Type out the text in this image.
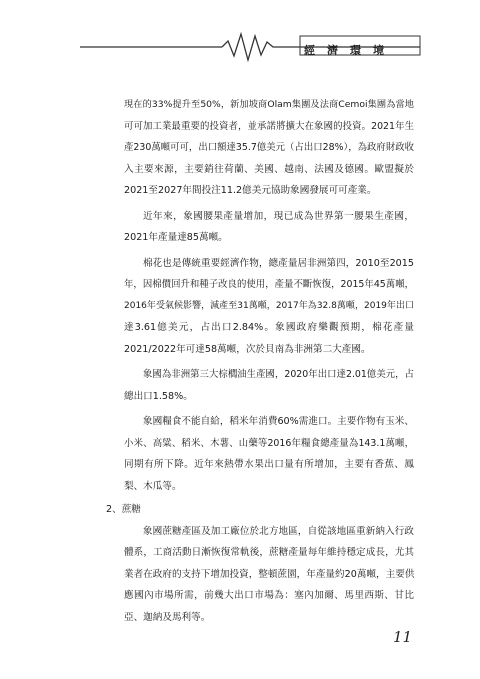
經濟環境
現在的33%提升至50%，新加坡商Olam集團及法商Cemoi集團為當地
可可加工業最重要的投資者，並承諾將擴大在象國的投資。2021年生
產230萬噸可可，出口額達35.7億美元（占出口28%），為政府財政收
入主要來源，主要銷往荷蘭、美國、越南、法國及德國。歐盟擬於
2021至2027年間投注11.2億美元協助象國發展可可產業。
近年來，象國腰果產量增加，現已成為世界第一腰果生產國，
2021年產量達85萬噸。
棉花也是傳統重要經濟作物，總產量居非洲第四，2010至2015
年，因棉價回升和種子改良的使用，產量不斷恢復，2015年45萬噸，
2016年受氣候影響，減產至31萬噸，2017年為32.8萬噸，2019年出口
達3.61億美元，占出口2.84%。象國政府樂觀預期，棉花產量
2021/2022年可達58萬噸，次於貝南為非洲第二大產國。
象國為非洲第三大棕櫚油生產國，2020年出口達2.01億美元，占
總出口1.58%。
象國糧食不能自給，稻米年消費60%需進口。主要作物有玉米、
小米、高粱、稻米、木薯、山藥等2016年糧食總產量為143.1萬噸，
同期有所下降。近年來熱帶水果出口量有所增加，主要有香蕉、鳳
梨、木瓜等。
2、蔗糖
象國蔗糖產區及加工廠位於北方地區，自從該地區重新納入行政
體系，工商活動日漸恢復常軌後，蔗糖產量每年維持穩定成長，尤其
業者在政府的支持下增加投資，整頓蔗園，年產量約20萬噸，主要供
應國內市場所需，前幾大出口市場為：塞內加爾、馬里西斯、甘比
亞、迦納及馬利等。
11
